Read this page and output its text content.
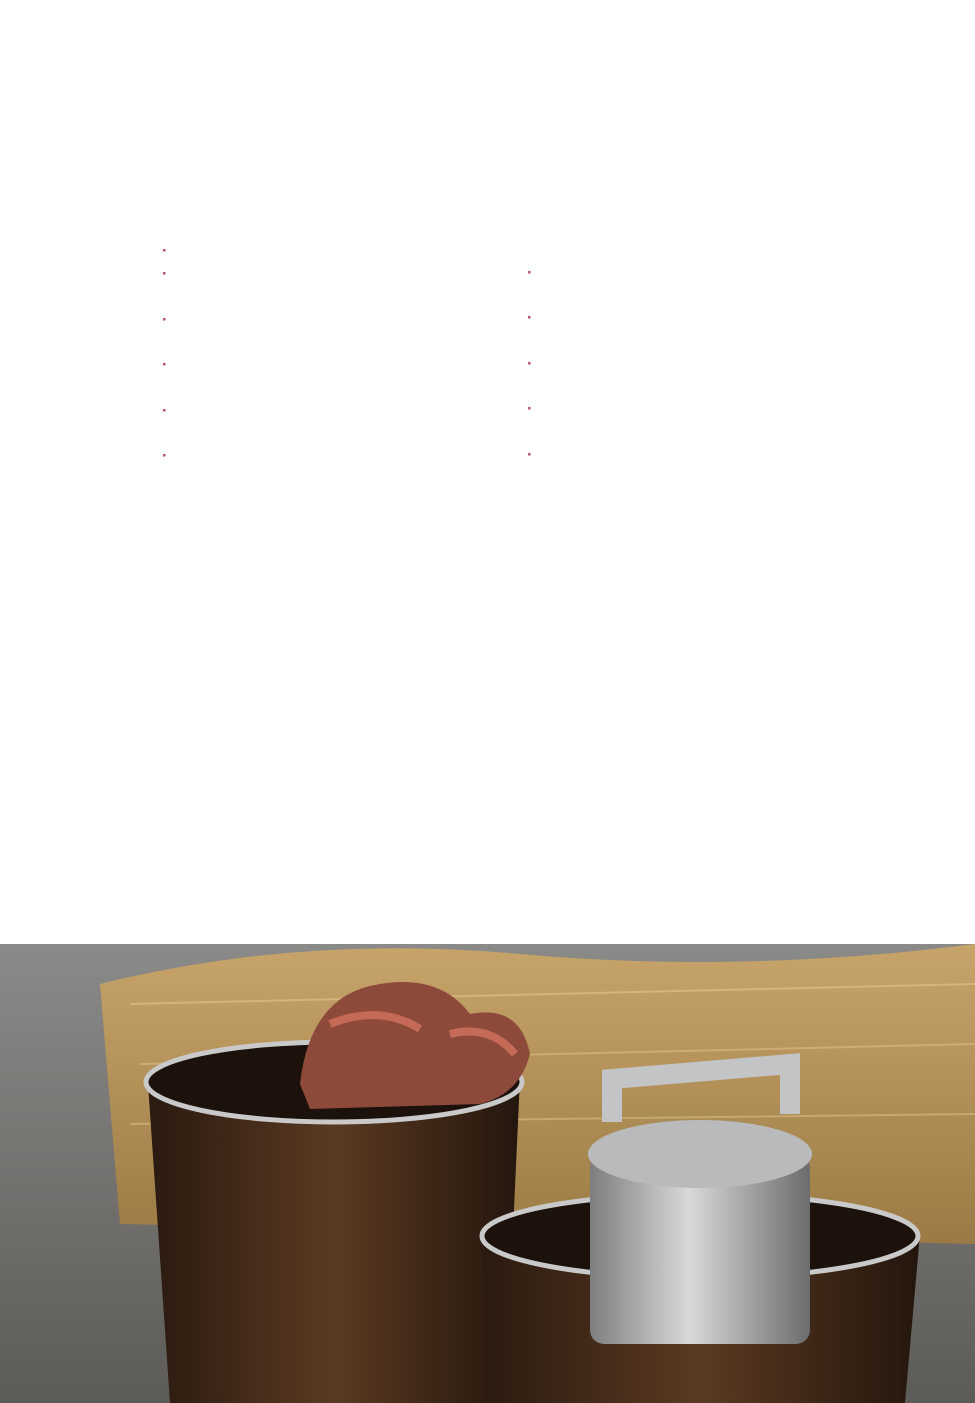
·
·

·

·

·

·

·

·

·

·

·
